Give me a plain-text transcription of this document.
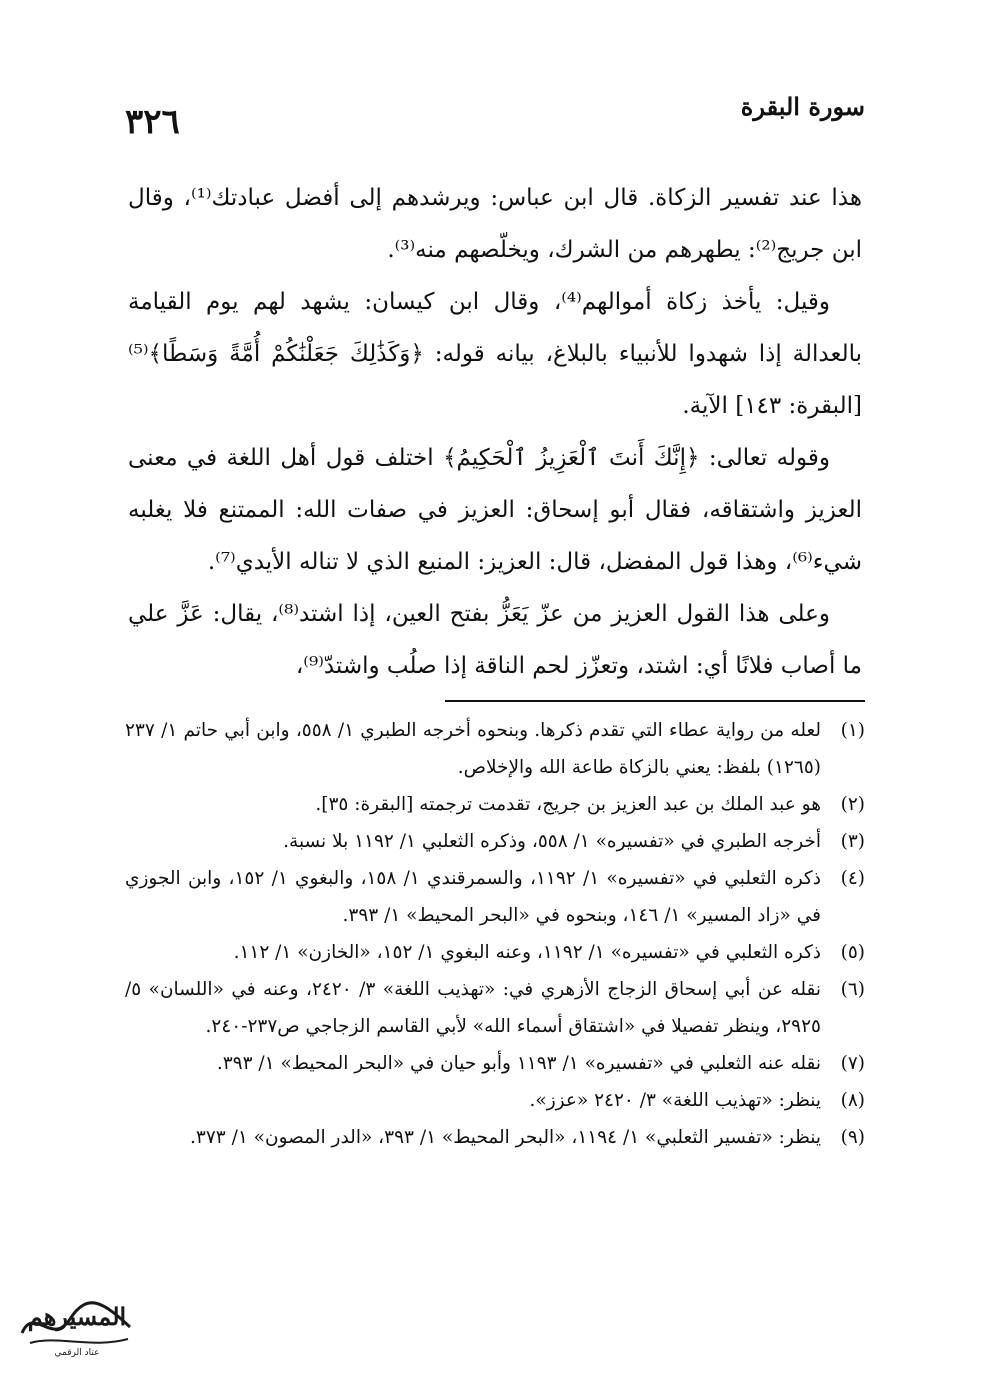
٣٢٦	سورة البقرة

هذا عند تفسير الزكاة. قال ابن عباس: ويرشدهم إلى أفضل عبادتك⁽¹⁾، وقال ابن جريج⁽²⁾: يطهرهم من الشرك، ويخلّصهم منه⁽³⁾.

وقيل: يأخذ زكاة أموالهم⁽⁴⁾، وقال ابن كيسان: يشهد لهم يوم القيامة بالعدالة إذا شهدوا للأنبياء بالبلاغ، بيانه قوله: ﴿وَكَذَٰلِكَ جَعَلْنَٰكُمْ أُمَّةً وَسَطًا﴾⁽⁵⁾ [البقرة: ١٤٣] الآية.

وقوله تعالى: ﴿إِنَّكَ أَنتَ ٱلْعَزِيزُ ٱلْحَكِيمُ﴾ اختلف قول أهل اللغة في معنى العزيز واشتقاقه، فقال أبو إسحاق: العزيز في صفات الله: الممتنع فلا يغلبه شيء⁽⁶⁾، وهذا قول المفضل، قال: العزيز: المنيع الذي لا تناله الأيدي⁽⁷⁾.

وعلى هذا القول العزيز من عزّ يَعَزُّ بفتح العين، إذا اشتد⁽⁸⁾، يقال: عَزَّ علي ما أصاب فلانًا أي: اشتد، وتعزّز لحم الناقة إذا صلُب واشتدّ⁽⁹⁾،

(١)
لعله من رواية عطاء التي تقدم ذكرها. وبنحوه أخرجه الطبري ١/ ٥٥٨، وابن أبي حاتم ١/ ٢٣٧ (١٢٦٥) بلفظ: يعني بالزكاة طاعة الله والإخلاص.
(٢)
هو عبد الملك بن عبد العزيز بن جريج، تقدمت ترجمته [البقرة: ٣٥].
(٣)
أخرجه الطبري في «تفسيره» ١/ ٥٥٨، وذكره الثعلبي ١/ ١١٩٢ بلا نسبة.
(٤)
ذكره الثعلبي في «تفسيره» ١/ ١١٩٢، والسمرقندي ١/ ١٥٨، والبغوي ١/ ١٥٢، وابن الجوزي في «زاد المسير» ١/ ١٤٦، وبنحوه في «البحر المحيط» ١/ ٣٩٣.
(٥)
ذكره الثعلبي في «تفسيره» ١/ ١١٩٢، وعنه البغوي ١/ ١٥٢، «الخازن» ١/ ١١٢.
(٦)
نقله عن أبي إسحاق الزجاج الأزهري في: «تهذيب اللغة» ٣/ ٢٤٢٠، وعنه في «اللسان» ٥/ ٢٩٢٥، وينظر تفصيلا في «اشتقاق أسماء الله» لأبي القاسم الزجاجي ص٢٣٧-٢٤٠.
(٧)
نقله عنه الثعلبي في «تفسيره» ١/ ١١٩٣ وأبو حيان في «البحر المحيط» ١/ ٣٩٣.
(٨)
ينظر: «تهذيب اللغة» ٣/ ٢٤٢٠ «عزز».
(٩)
ينظر: «تفسير الثعلبي» ١/ ١١٩٤، «البحر المحيط» ١/ ٣٩٣، «الدر المصون» ١/ ٣٧٣.
المسيرهم
عتاد الرقمي
